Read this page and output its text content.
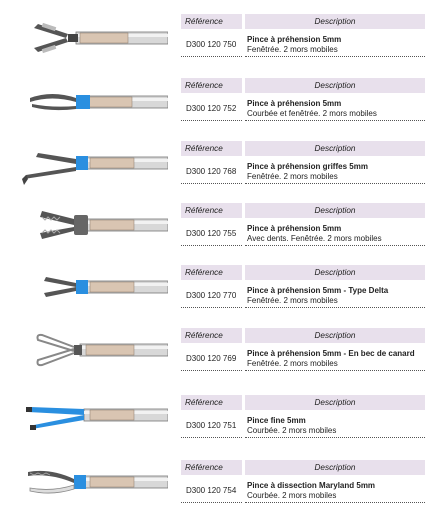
Référence	Description
D300 120 750
Pince à préhension 5mm
Fenêtrée. 2 mors mobiles
Référence	Description
D300 120 752
Pince à préhension 5mm
Courbée et fenêtrée. 2 mors mobiles
Référence	Description
D300 120 768
Pince à préhension griffes 5mm
Fenêtrée. 2 mors mobiles
Référence	Description
D300 120 755
Pince à préhension 5mm
Avec dents. Fenêtrée. 2 mors mobiles
Référence	Description
D300 120 770
Pince à préhension 5mm - Type Delta
Fenêtrée. 2 mors mobiles
Référence	Description
D300 120 769
Pince à préhension 5mm - En bec de canard
Fenêtrée. 2 mors mobiles
Référence	Description
D300 120 751
Pince fine 5mm
Courbée. 2 mors mobiles
Référence	Description
D300 120 754
Pince à dissection Maryland 5mm
Courbée. 2 mors mobiles
